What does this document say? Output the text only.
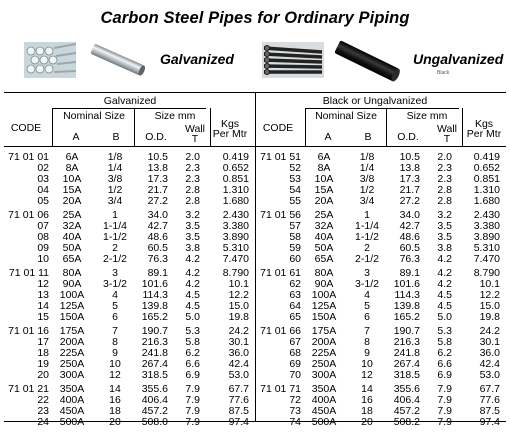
Carbon Steel Pipes for Ordinary Piping
Galvanized	Ungalvanized
Black
Galvanized
CODE
Nominal Size	Size mm
Kgs
Per Mtr
A	B	O.D.
Wall
T
Black or Ungalvanized
CODE
Nominal Size	Size mm
Kgs
Per Mtr
A	B	O.D.
Wall
T
71 01 01	6A	1/8	10.5	2.0	0.419
02	8A	1/4	13.8	2.3	0.652
03	10A	3/8	17.3	2.3	0.851
04	15A	1/2	21.7	2.8	1.310
05	20A	3/4	27.2	2.8	1.680
71 01 06	25A	1	34.0	3.2	2.430
07	32A	1-1/4	42.7	3.5	3.380
08	40A	1-1/2	48.6	3.5	3.890
09	50A	2	60.5	3.8	5.310
10	65A	2-1/2	76.3	4.2	7.470
71 01 11	80A	3	89.1	4.2	8.790
12	90A	3-1/2	101.6	4.2	10.1
13	100A	4	114.3	4.5	12.2
14	125A	5	139.8	4.5	15.0
15	150A	6	165.2	5.0	19.8
71 01 16	175A	7	190.7	5.3	24.2
17	200A	8	216.3	5.8	30.1
18	225A	9	241.8	6.2	36.0
19	250A	10	267.4	6.6	42.4
20	300A	12	318.5	6.9	53.0
71 01 21	350A	14	355.6	7.9	67.7
22	400A	16	406.4	7.9	77.6
23	450A	18	457.2	7.9	87.5
24	500A	20	508.0	7.9	97.4
71 01 51	6A	1/8	10.5	2.0	0.419
52	8A	1/4	13.8	2.3	0.652
53	10A	3/8	17.3	2.3	0.851
54	15A	1/2	21.7	2.8	1.310
55	20A	3/4	27.2	2.8	1.680
71 01 56	25A	1	34.0	3.2	2.430
57	32A	1-1/4	42.7	3.5	3.380
58	40A	1-1/2	48.6	3.5	3.890
59	50A	2	60.5	3.8	5.310
60	65A	2-1/2	76.3	4.2	7.470
71 01 61	80A	3	89.1	4.2	8.790
62	90A	3-1/2	101.6	4.2	10.1
63	100A	4	114.3	4.5	12.2
64	125A	5	139.8	4.5	15.0
65	150A	6	165.2	5.0	19.8
71 01 66	175A	7	190.7	5.3	24.2
67	200A	8	216.3	5.8	30.1
68	225A	9	241.8	6.2	36.0
69	250A	10	267.4	6.6	42.4
70	300A	12	318.5	6.9	53.0
71 01 71	350A	14	355.6	7.9	67.7
72	400A	16	406.4	7.9	77.6
73	450A	18	457.2	7.9	87.5
74	500A	20	508.2	7.9	97.4
